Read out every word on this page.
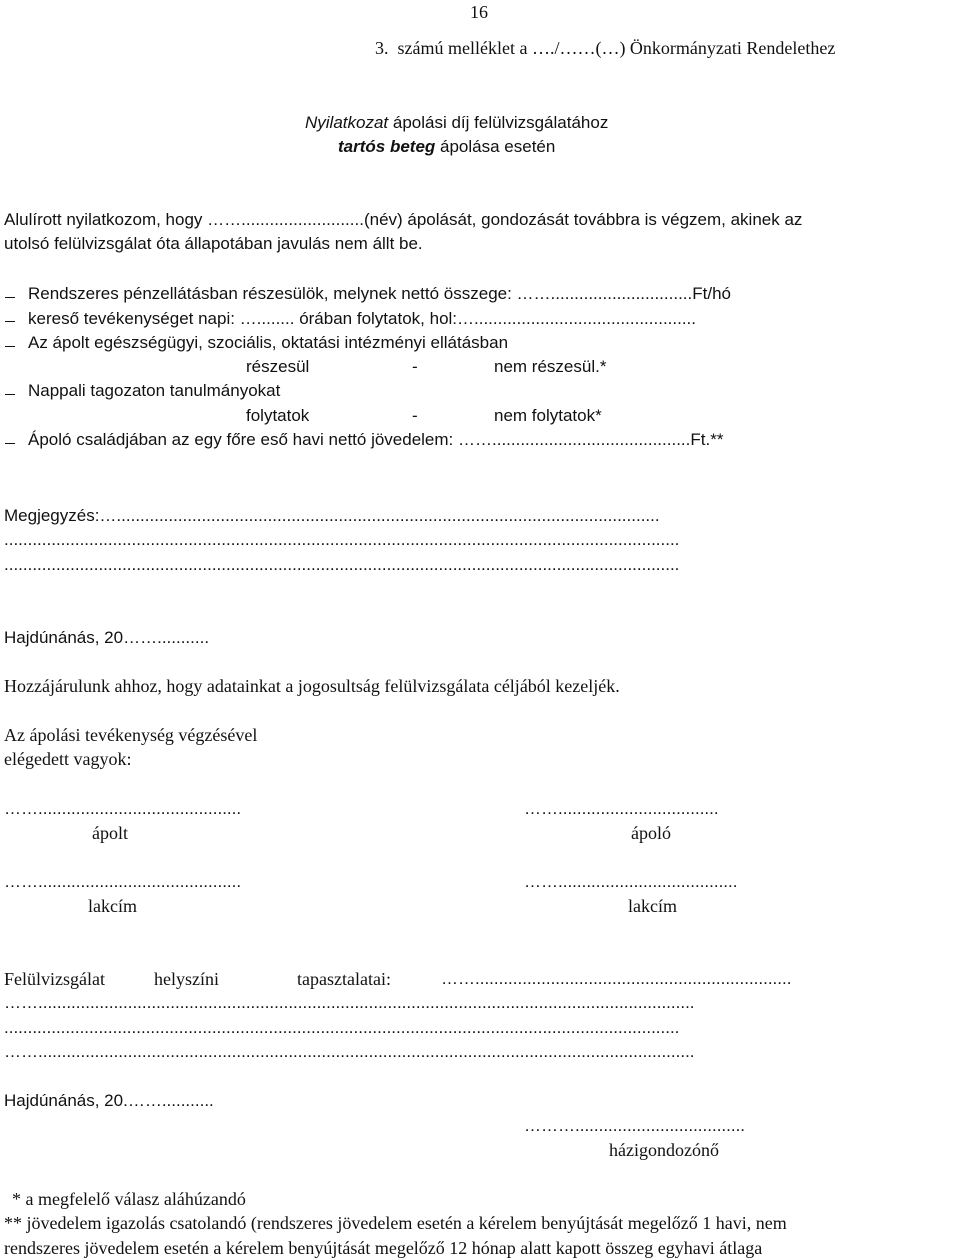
16
3.  számú melléklet a …./……(…) Önkormányzati Rendelethez
Nyilatkozat ápolási díj felülvizsgálatához
tartós beteg ápolása esetén
Alulírott nyilatkozom, hogy ……..........................(név) ápolását, gondozását továbbra is végzem, akinek az
utolsó felülvizsgálat óta állapotában javulás nem állt be.
Rendszeres pénzellátásban részesülök, melynek nettó összege: ……..............................Ft/hó
kereső tevékenységet napi: …........ órában folytatok, hol:…...............................................
Az ápolt egészségügyi, szociális, oktatási intézményi ellátásban
részesül	-	nem részesül.*
Nappali tagozaton tanulmányokat
folytatok	-	nem folytatok*
Ápoló családjában az egy főre eső havi nettó jövedelem: ……..........................................Ft.**
Megjegyzés:…...................................................................................................................
...............................................................................................................................................
...............................................................................................................................................
Hajdúnánás, 20……...........
Hozzájárulunk ahhoz, hogy adatainkat a jogosultság felülvizsgálata céljából kezeljék.
Az ápolási tevékenység végzésével
elégedett vagyok:
……...........................................	……..................................
ápolt	ápoló
……...........................................	……......................................
lakcím	lakcím
Felülvizsgálat	helyszíni	tapasztalatai:	……...................................................................
……...........................................................................................................................................
...............................................................................................................................................
……...........................................................................................................................................
Hajdúnánás, 20.……...........
………....................................
házigondozónő
* a megfelelő válasz aláhúzandó
** jövedelem igazolás csatolandó (rendszeres jövedelem esetén a kérelem benyújtását megelőző 1 havi, nem
rendszeres jövedelem esetén a kérelem benyújtását megelőző 12 hónap alatt kapott összeg egyhavi átlaga
